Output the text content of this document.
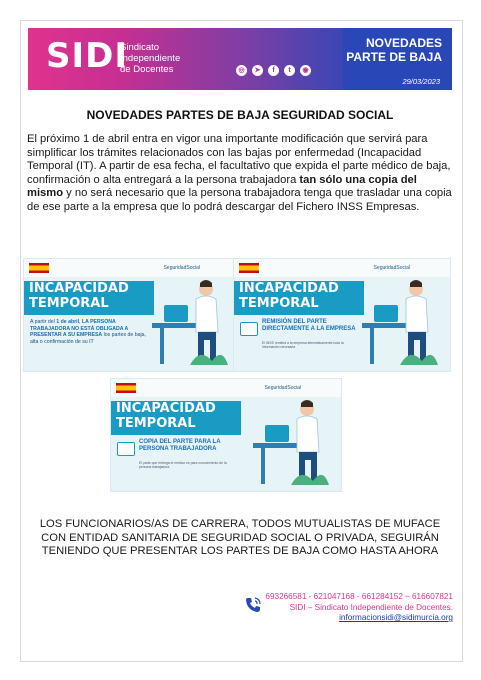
SIDI
Sindicato
Independiente
de Docentes	◎	➤	f	t	◉
NOVEDADES
PARTE DE BAJA
29/03/2023
NOVEDADES PARTES DE BAJA SEGURIDAD SOCIAL
El próximo 1 de abril entra en vigor una importante modificación que servirá para simplificar los trámites relacionados con las bajas por enfermedad (Incapacidad Temporal (IT). A partir de esa fecha, el facultativo que expida el parte médico de baja, confirmación o alta entregará a la persona trabajadora tan sólo una copia del mismo y no será necesario que la persona trabajadora tenga que trasladar una copia de ese parte a la empresa que lo podrá descargar del Fichero INSS Empresas.
SeguridadSocial
INCAPACIDAD
TEMPORAL
A partir del 1 de abril, LA PERSONA TRABAJADORA NO ESTÁ OBLIGADA A PRESENTAR A SU EMPRESA los partes de baja, alta o confirmación de su IT
SeguridadSocial
INCAPACIDAD
TEMPORAL
REMISIÓN DEL PARTE DIRECTAMENTE A LA EMPRESA
El INSS remitirá a la empresa telemáticamente toda la información necesaria
SeguridadSocial
INCAPACIDAD
TEMPORAL
COPIA DEL PARTE PARA LA PERSONA TRABAJADORA
El parte que entrega el médico es para conocimiento de la persona trabajadora
LOS FUNCIONARIOS/AS DE CARRERA, TODOS MUTUALISTAS DE MUFACE CON ENTIDAD SANITARIA DE SEGURIDAD SOCIAL O PRIVADA, SEGUIRÁN TENIENDO QUE PRESENTAR LOS PARTES DE BAJA COMO HASTA AHORA
693266581 - 621047168 - 661284152 – 616607821
SIDI – Sindicato Independiente de Docentes.
informacionsidi@sidimurcia.org
